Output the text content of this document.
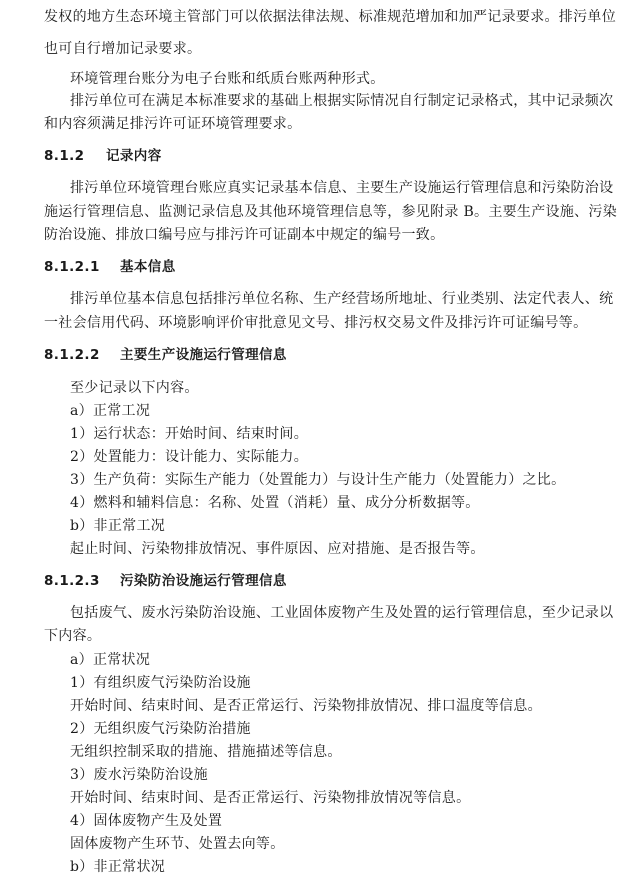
发权的地方生态环境主管部门可以依据法律法规、标准规范增加和加严记录要求。排污单位
也可自行增加记录要求。
环境管理台账分为电子台账和纸质台账两种形式。
排污单位可在满足本标准要求的基础上根据实际情况自行制定记录格式，其中记录频次
和内容须满足排污许可证环境管理要求。
8.1.2 记录内容
排污单位环境管理台账应真实记录基本信息、主要生产设施运行管理信息和污染防治设
施运行管理信息、监测记录信息及其他环境管理信息等，参见附录 B。主要生产设施、污染
防治设施、排放口编号应与排污许可证副本中规定的编号一致。
8.1.2.1 基本信息
排污单位基本信息包括排污单位名称、生产经营场所地址、行业类别、法定代表人、统
一社会信用代码、环境影响评价审批意见文号、排污权交易文件及排污许可证编号等。
8.1.2.2 主要生产设施运行管理信息
至少记录以下内容。
a）正常工况
1）运行状态：开始时间、结束时间。
2）处置能力：设计能力、实际能力。
3）生产负荷：实际生产能力（处置能力）与设计生产能力（处置能力）之比。
4）燃料和辅料信息：名称、处置（消耗）量、成分分析数据等。
b）非正常工况
起止时间、污染物排放情况、事件原因、应对措施、是否报告等。
8.1.2.3 污染防治设施运行管理信息
包括废气、废水污染防治设施、工业固体废物产生及处置的运行管理信息，至少记录以
下内容。
a）正常状况
1）有组织废气污染防治设施
开始时间、结束时间、是否正常运行、污染物排放情况、排口温度等信息。
2）无组织废气污染防治措施
无组织控制采取的措施、措施描述等信息。
3）废水污染防治设施
开始时间、结束时间、是否正常运行、污染物排放情况等信息。
4）固体废物产生及处置
固体废物产生环节、处置去向等。
b）非正常状况
